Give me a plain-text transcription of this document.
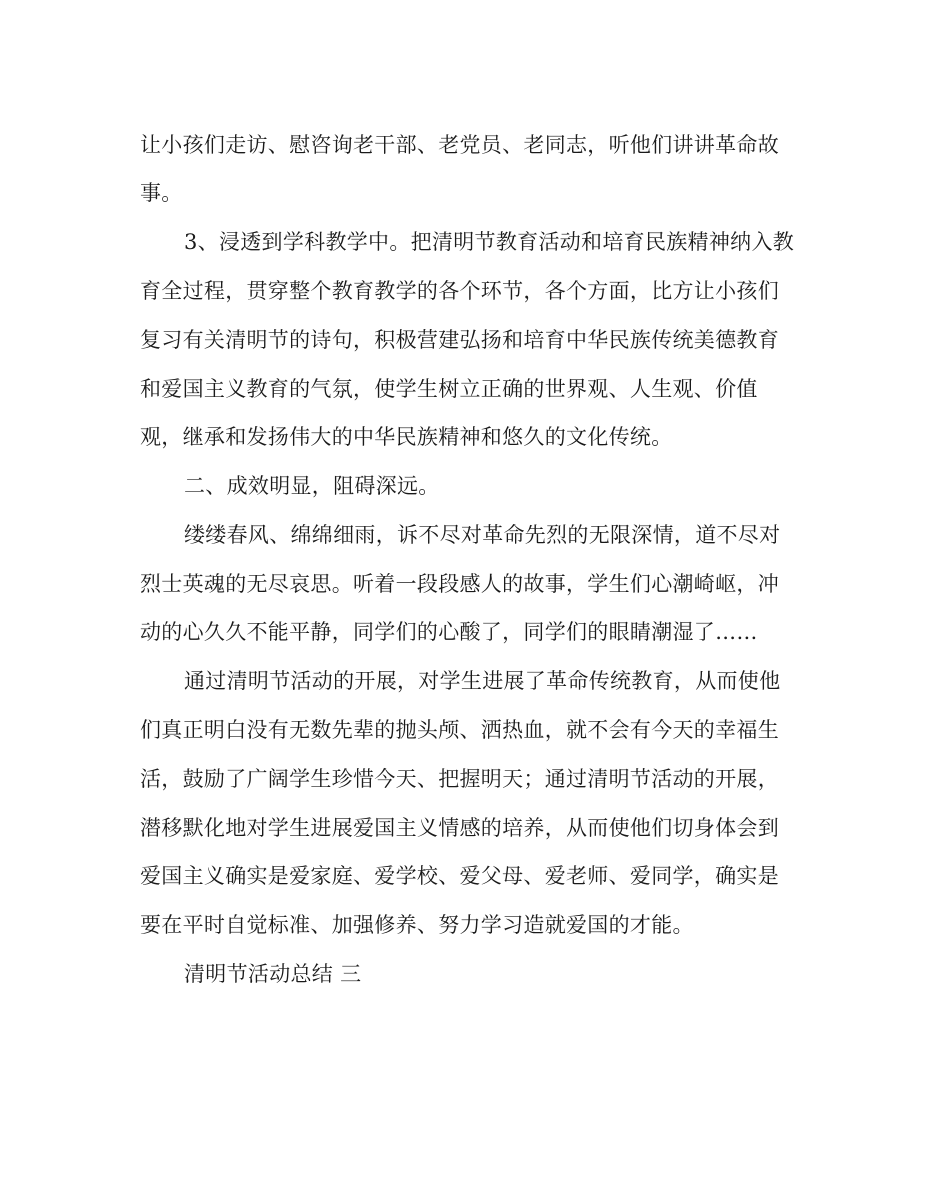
让小孩们走访、慰咨询老干部、老党员、老同志，听他们讲讲革命故
事。
3、浸透到学科教学中。把清明节教育活动和培育民族精神纳入教
育全过程，贯穿整个教育教学的各个环节，各个方面，比方让小孩们
复习有关清明节的诗句，积极营建弘扬和培育中华民族传统美德教育
和爱国主义教育的气氛，使学生树立正确的世界观、人生观、价值
观，继承和发扬伟大的中华民族精神和悠久的文化传统。
二、成效明显，阻碍深远。
缕缕春风、绵绵细雨，诉不尽对革命先烈的无限深情，道不尽对
烈士英魂的无尽哀思。听着一段段感人的故事，学生们心潮崎岖，冲
动的心久久不能平静，同学们的心酸了，同学们的眼睛潮湿了……
通过清明节活动的开展，对学生进展了革命传统教育，从而使他
们真正明白没有无数先辈的抛头颅、洒热血，就不会有今天的幸福生
活，鼓励了广阔学生珍惜今天、把握明天；通过清明节活动的开展，
潜移默化地对学生进展爱国主义情感的培养，从而使他们切身体会到
爱国主义确实是爱家庭、爱学校、爱父母、爱老师、爱同学，确实是
要在平时自觉标准、加强修养、努力学习造就爱国的才能。
清明节活动总结 三
